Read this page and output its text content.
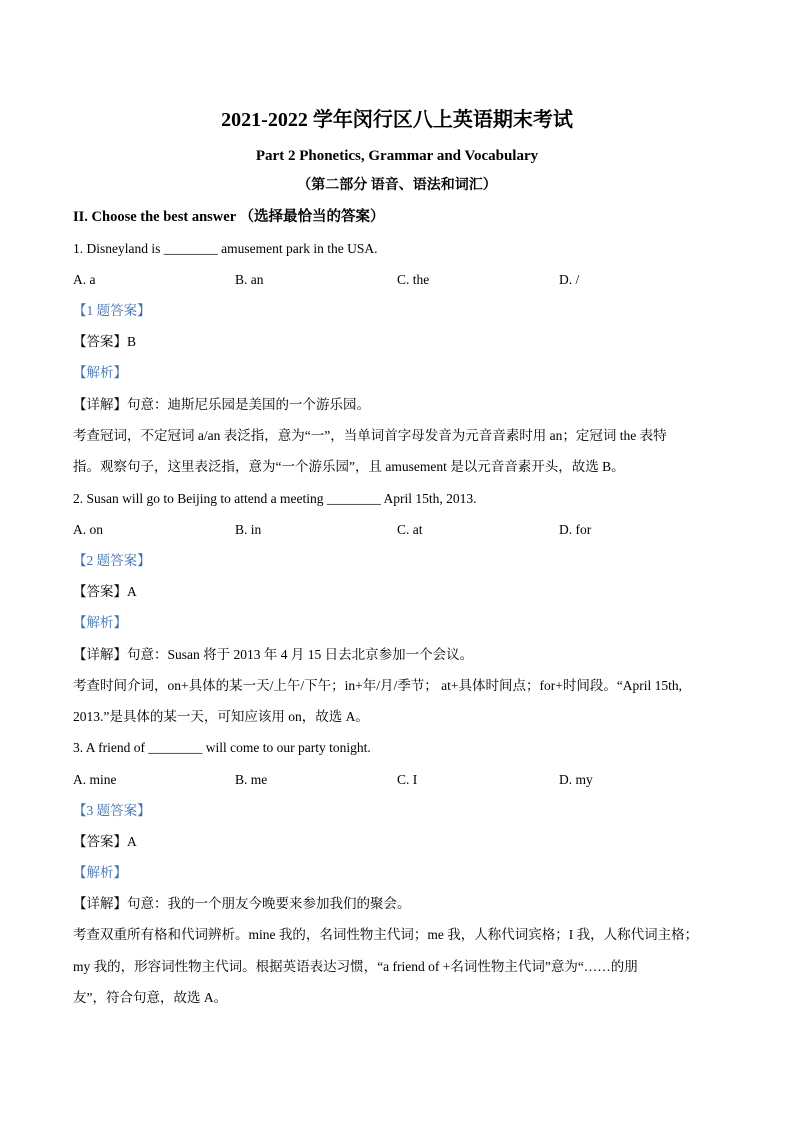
2021-2022 学年闵行区八上英语期末考试
Part 2 Phonetics, Grammar and Vocabulary
（第二部分 语音、语法和词汇）
II. Choose the best answer （选择最恰当的答案）
1. Disneyland is ________ amusement park in the USA.
A. a	B. an	C. the	D. /
【1 题答案】
【答案】B
【解析】
【详解】句意：迪斯尼乐园是美国的一个游乐园。
考查冠词，不定冠词 a/an 表泛指，意为“一”，当单词首字母发音为元音音素时用 an；定冠词 the 表特
指。观察句子，这里表泛指，意为“一个游乐园”，且 amusement 是以元音音素开头，故选 B。
2. Susan will go to Beijing to attend a meeting ________ April 15th, 2013.
A. on	B. in	C. at	D. for
【2 题答案】
【答案】A
【解析】
【详解】句意：Susan 将于 2013 年 4 月 15 日去北京参加一个会议。
考查时间介词，on+具体的某一天/上午/下午；in+年/月/季节； at+具体时间点；for+时间段。“April 15th,
2013.”是具体的某一天，可知应该用 on，故选 A。
3. A friend of ________ will come to our party tonight.
A. mine	B. me	C. I	D. my
【3 题答案】
【答案】A
【解析】
【详解】句意：我的一个朋友今晚要来参加我们的聚会。
考查双重所有格和代词辨析。mine 我的，名词性物主代词；me 我，人称代词宾格；I 我，人称代词主格；
my 我的，形容词性物主代词。根据英语表达习惯，“a friend of +名词性物主代词”意为“……的朋
友”，符合句意，故选 A。
